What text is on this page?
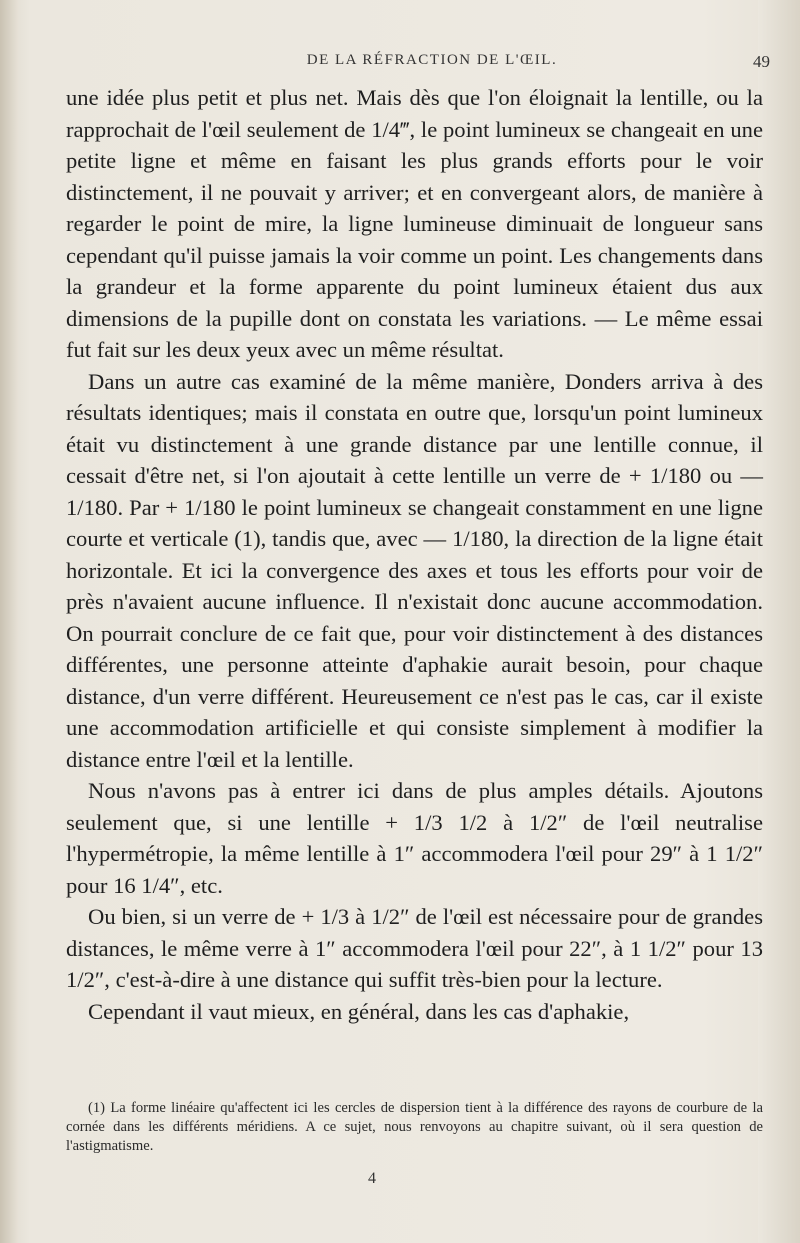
DE LA RÉFRACTION DE L'ŒIL.	49

une idée plus petit et plus net. Mais dès que l'on éloignait la lentille, ou la rapprochait de l'œil seulement de 1/4‴, le point lumineux se changeait en une petite ligne et même en faisant les plus grands efforts pour le voir distinctement, il ne pouvait y arriver; et en convergeant alors, de manière à regarder le point de mire, la ligne lumineuse diminuait de longueur sans cependant qu'il puisse jamais la voir comme un point. Les changements dans la grandeur et la forme apparente du point lumineux étaient dus aux dimensions de la pupille dont on constata les variations. — Le même essai fut fait sur les deux yeux avec un même résultat.

Dans un autre cas examiné de la même manière, Donders arriva à des résultats identiques; mais il constata en outre que, lorsqu'un point lumineux était vu distinctement à une grande distance par une lentille connue, il cessait d'être net, si l'on ajoutait à cette lentille un verre de + 1/180 ou — 1/180. Par + 1/180 le point lumineux se changeait constamment en une ligne courte et verticale (1), tandis que, avec — 1/180, la direction de la ligne était horizontale. Et ici la convergence des axes et tous les efforts pour voir de près n'avaient aucune influence. Il n'existait donc aucune accommodation. On pourrait conclure de ce fait que, pour voir distinctement à des distances différentes, une personne atteinte d'aphakie aurait besoin, pour chaque distance, d'un verre différent. Heureusement ce n'est pas le cas, car il existe une accommodation artificielle et qui consiste simplement à modifier la distance entre l'œil et la lentille.

Nous n'avons pas à entrer ici dans de plus amples détails. Ajoutons seulement que, si une lentille + 1/3 1/2 à 1/2″ de l'œil neutralise l'hypermétropie, la même lentille à 1″ accommodera l'œil pour 29″ à 1 1/2″ pour 16 1/4″, etc.

Ou bien, si un verre de + 1/3 à 1/2″ de l'œil est nécessaire pour de grandes distances, le même verre à 1″ accommodera l'œil pour 22″, à 1 1/2″ pour 13 1/2″, c'est-à-dire à une distance qui suffit très-bien pour la lecture.

Cependant il vaut mieux, en général, dans les cas d'aphakie,

(1) La forme linéaire qu'affectent ici les cercles de dispersion tient à la différence des rayons de courbure de la cornée dans les différents méridiens. A ce sujet, nous renvoyons au chapitre suivant, où il sera question de l'astigmatisme.

4
